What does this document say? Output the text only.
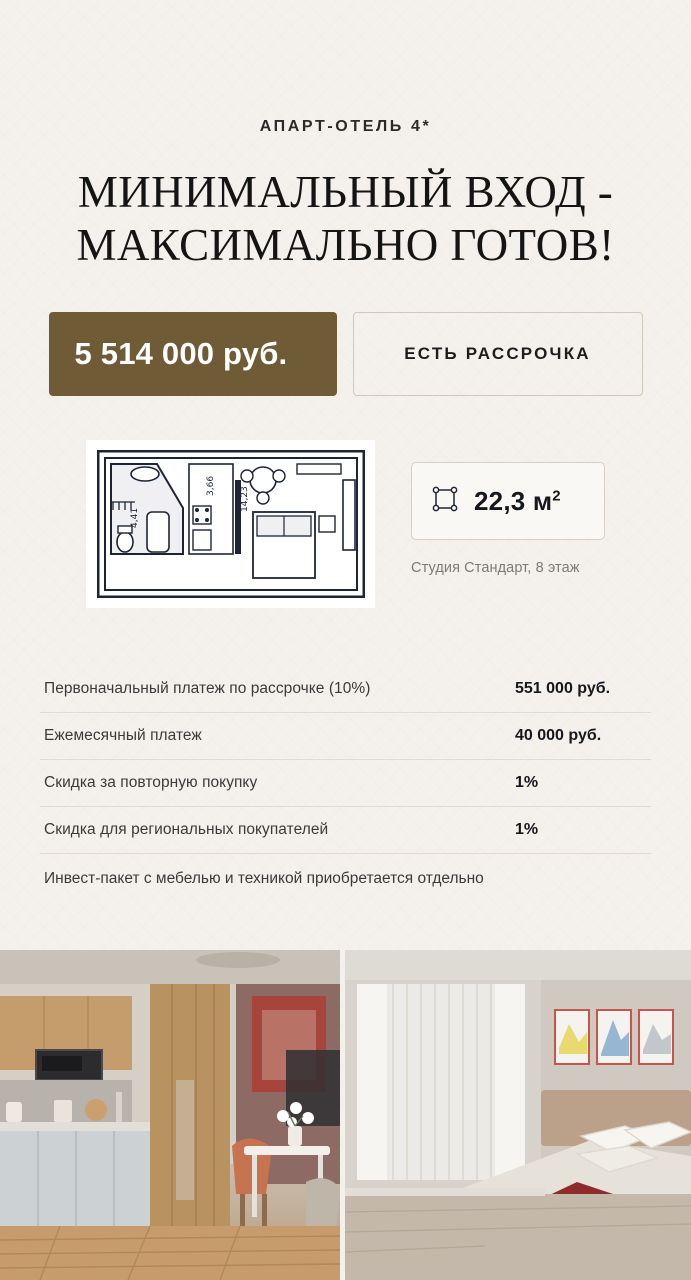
АПАРТ-ОТЕЛЬ 4*
МИНИМАЛЬНЫЙ ВХОД -
МАКСИМАЛЬНО ГОТОВ!
5 514 000 руб.	ЕСТЬ РАССРОЧКА
3,66
14,23
4,41
22,3 $м^2$
Студия Стандарт, 8 этаж
Первоначальный платеж по рассрочке (10%)	551 000 руб.
Ежемесячный платеж	40 000 руб.
Скидка за повторную покупку	1%
Скидка для региональных покупателей	1%
Инвест-пакет с мебелью и техникой приобретается отдельно
